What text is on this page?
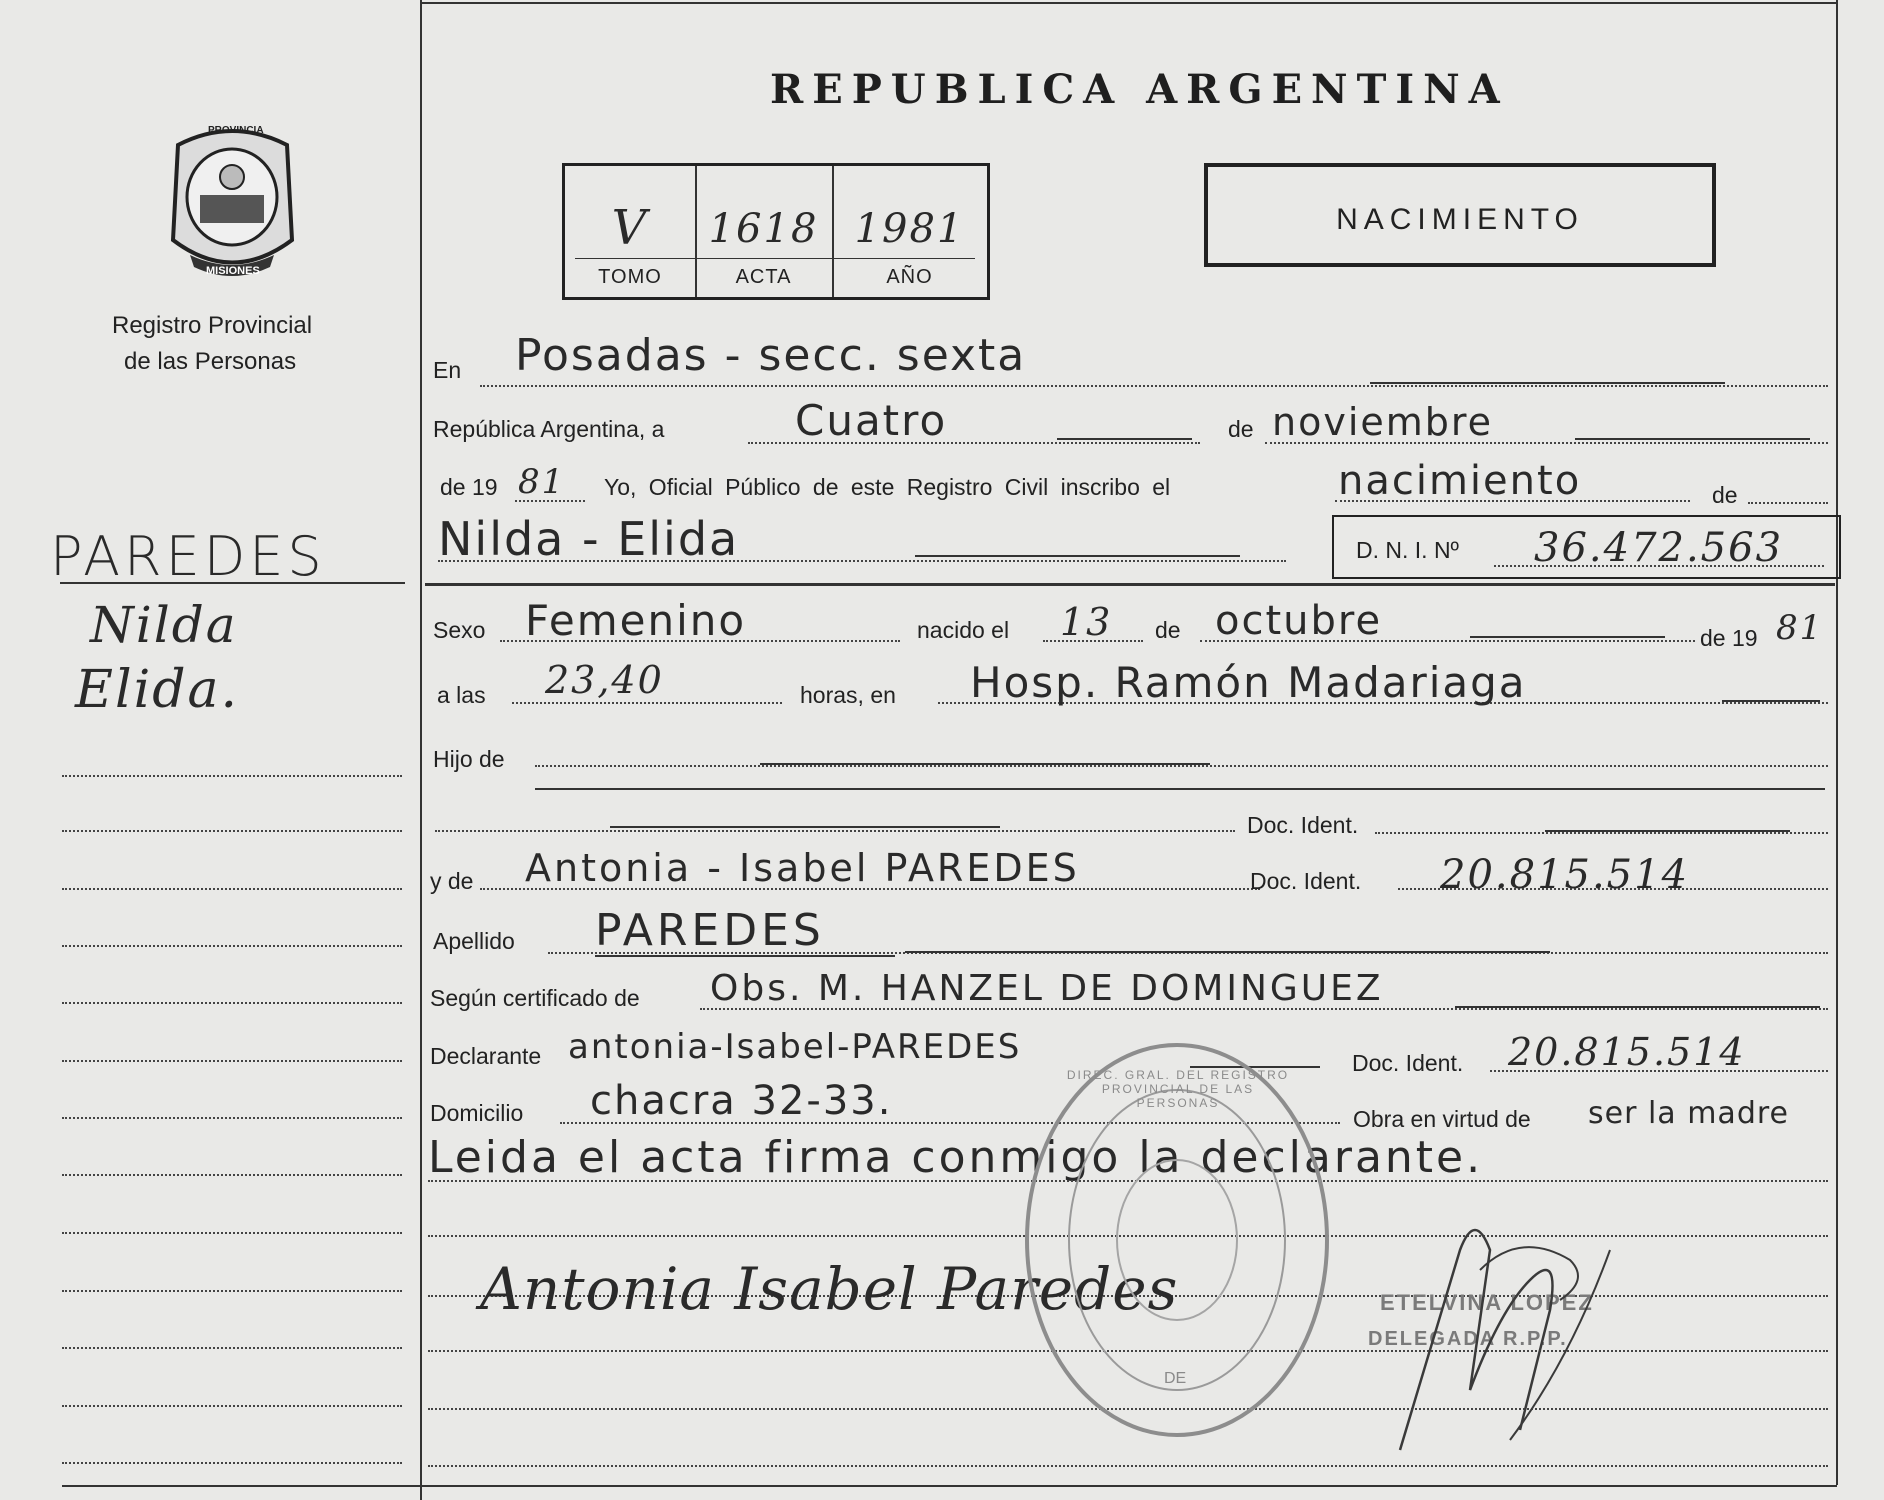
PROVINCIA
MISIONES
Registro Provincial
de las Personas
PAREDES
Nilda
Elida.
REPUBLICA ARGENTINA
V	1618 1981
TOMO	ACTA	AÑO
NACIMIENTO
En Posadas - secc. sexta
República Argentina, a	Cuatro	de noviembre
de 19 81 Yo, Oficial Público de este Registro Civil inscribo el	nacimiento	de
Nilda - Elida	D. N. I. Nº 36.472.563
Sexo Femenino	nacido el 13 de octubre	de 19 81
a las 23,40	horas, en Hosp. Ramón Madariaga
Hijo de
Doc. Ident.
y de Antonia - Isabel PAREDES	Doc. Ident. 20.815.514
Apellido PAREDES
Según certificado de Obs. M. HANZEL DE DOMINGUEZ
Declarante antonia-Isabel-PAREDES	Doc. Ident. 20.815.514
Domicilio chacra 32-33.	Obra en virtud de ser la madre
Leida el acta firma conmigo la declarante.
Antonia Isabel Paredes
DIREC. GRAL. DEL REGISTRO PROVINCIAL DE LAS PERSONAS
DE
ETELVINA LOPEZ
DELEGADA R.P.P.
